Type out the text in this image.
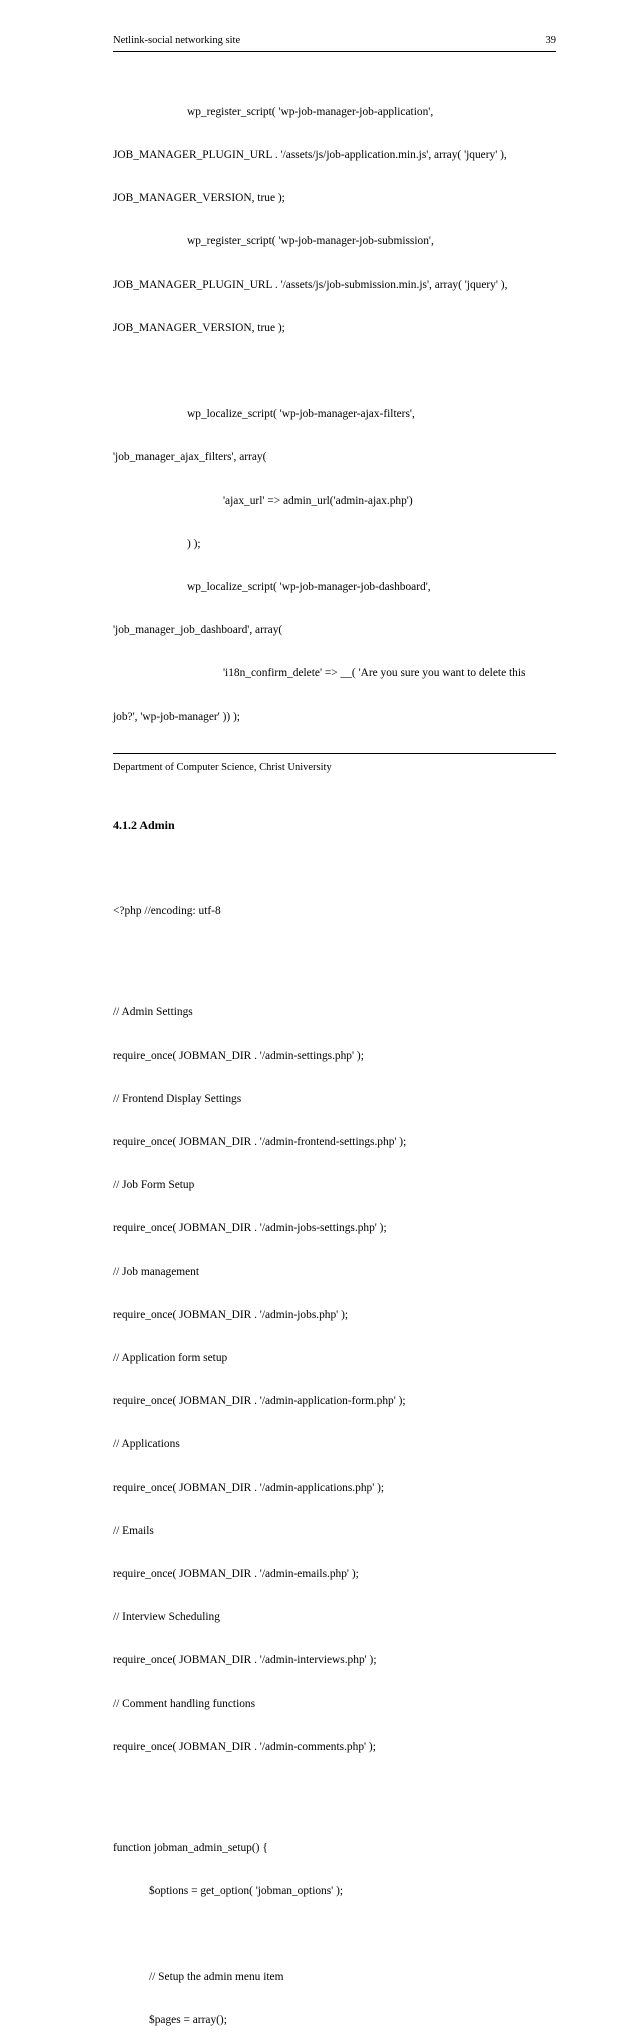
Netlink-social networking site	39

wp_register_script( 'wp-job-manager-job-application',

JOB_MANAGER_PLUGIN_URL . '/assets/js/job-application.min.js', array( 'jquery' ),

JOB_MANAGER_VERSION, true );

wp_register_script( 'wp-job-manager-job-submission',

JOB_MANAGER_PLUGIN_URL . '/assets/js/job-submission.min.js', array( 'jquery' ),

JOB_MANAGER_VERSION, true );

wp_localize_script( 'wp-job-manager-ajax-filters',

'job_manager_ajax_filters', array(

'ajax_url' => admin_url('admin-ajax.php')

) );

wp_localize_script( 'wp-job-manager-job-dashboard',

'job_manager_job_dashboard', array(

'i18n_confirm_delete' => __( 'Are you sure you want to delete this

job?', 'wp-job-manager' )) );

4.1.2 Admin

<?php //encoding: utf-8

// Admin Settings

require_once( JOBMAN_DIR . '/admin-settings.php' );

// Frontend Display Settings

require_once( JOBMAN_DIR . '/admin-frontend-settings.php' );

// Job Form Setup

require_once( JOBMAN_DIR . '/admin-jobs-settings.php' );

// Job management

require_once( JOBMAN_DIR . '/admin-jobs.php' );

// Application form setup

require_once( JOBMAN_DIR . '/admin-application-form.php' );

// Applications

require_once( JOBMAN_DIR . '/admin-applications.php' );

// Emails

require_once( JOBMAN_DIR . '/admin-emails.php' );

// Interview Scheduling

require_once( JOBMAN_DIR . '/admin-interviews.php' );

// Comment handling functions

require_once( JOBMAN_DIR . '/admin-comments.php' );

function jobman_admin_setup() {

$options = get_option( 'jobman_options' );

// Setup the admin menu item

$pages = array();

Department of Computer Science, Christ University
